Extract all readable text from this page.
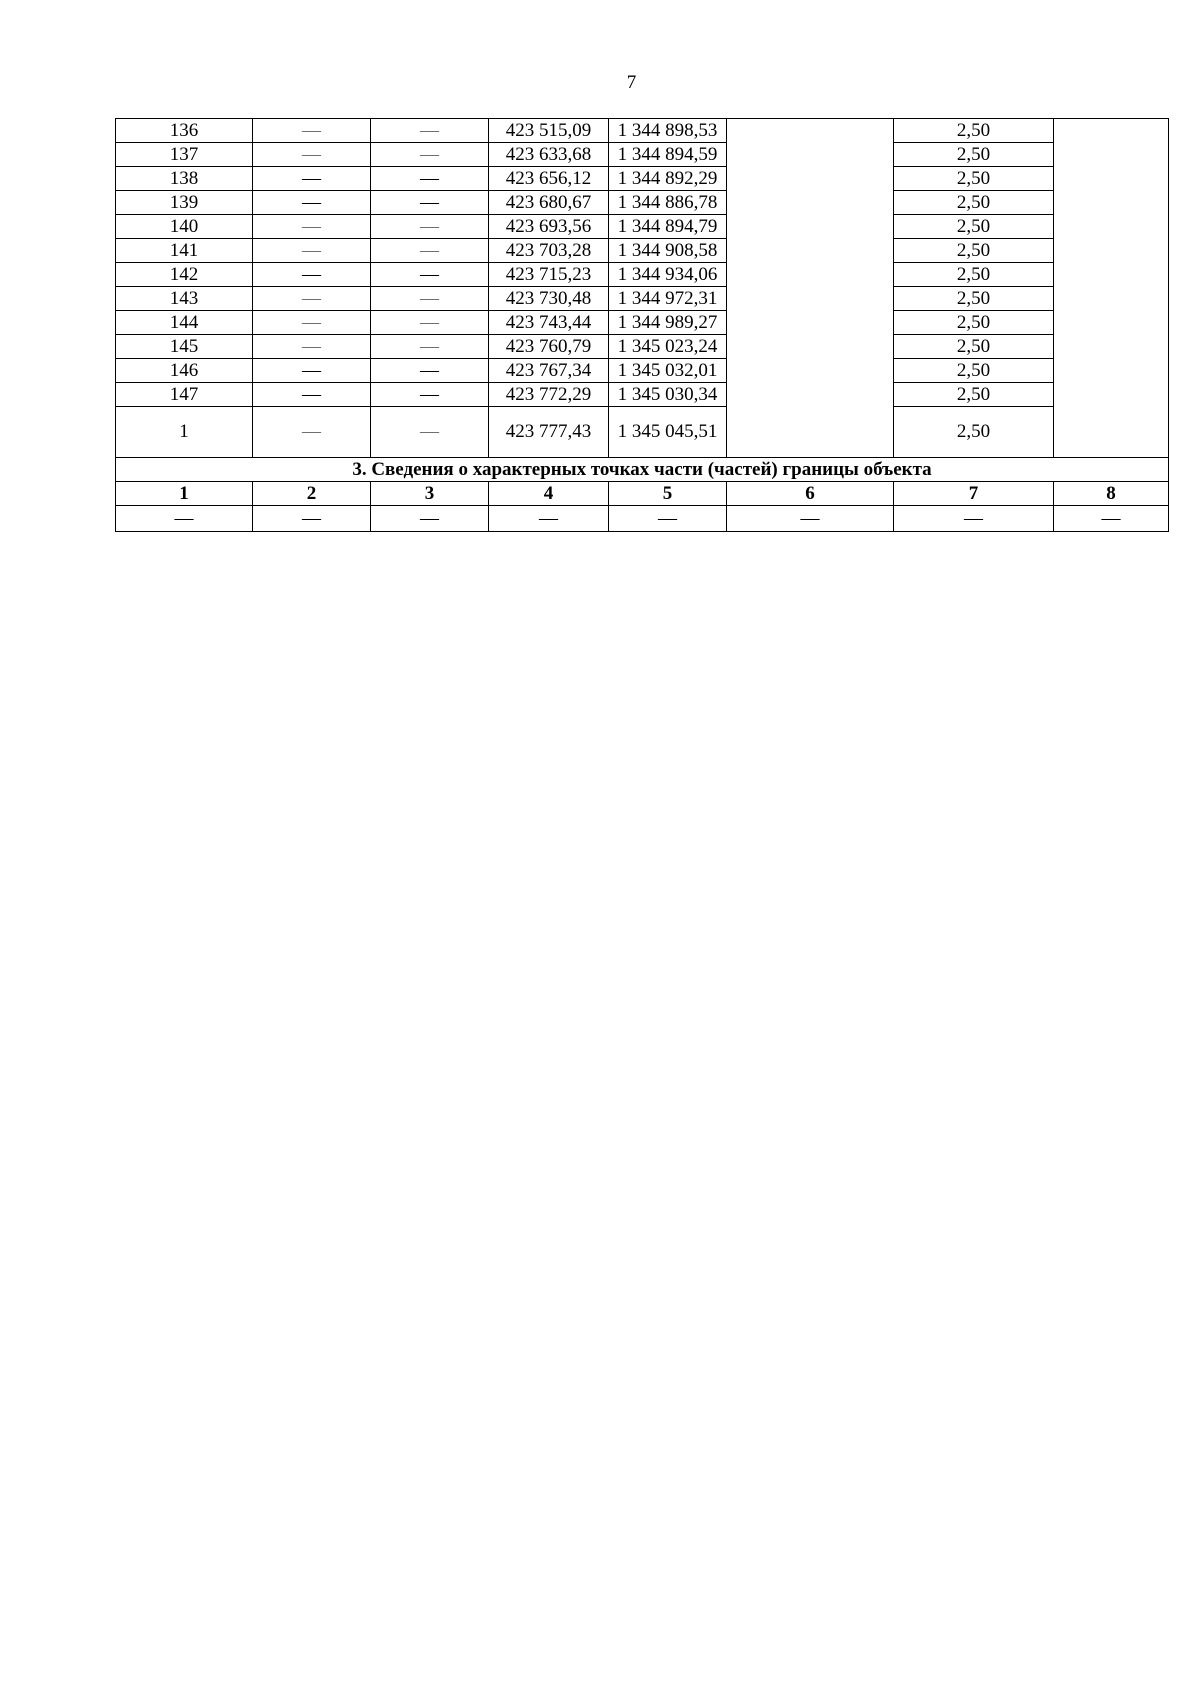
7
136	—	—	423 515,09	1 344 898,53		2,50	
137	—	—	423 633,68	1 344 894,59		2,50	
138	—	—	423 656,12	1 344 892,29		2,50	
139	—	—	423 680,67	1 344 886,78		2,50	
140	—	—	423 693,56	1 344 894,79		2,50	
141	—	—	423 703,28	1 344 908,58		2,50	
142	—	—	423 715,23	1 344 934,06		2,50	
143	—	—	423 730,48	1 344 972,31		2,50	
144	—	—	423 743,44	1 344 989,27		2,50	
145	—	—	423 760,79	1 345 023,24		2,50	
146	—	—	423 767,34	1 345 032,01		2,50	
147	—	—	423 772,29	1 345 030,34		2,50	
1	—	—	423 777,43	1 345 045,51		2,50	
3. Сведения о характерных точках части (частей) границы объекта							
1	2	3	4	5	6	7	8
—	—	—	—	—	—	—	—
